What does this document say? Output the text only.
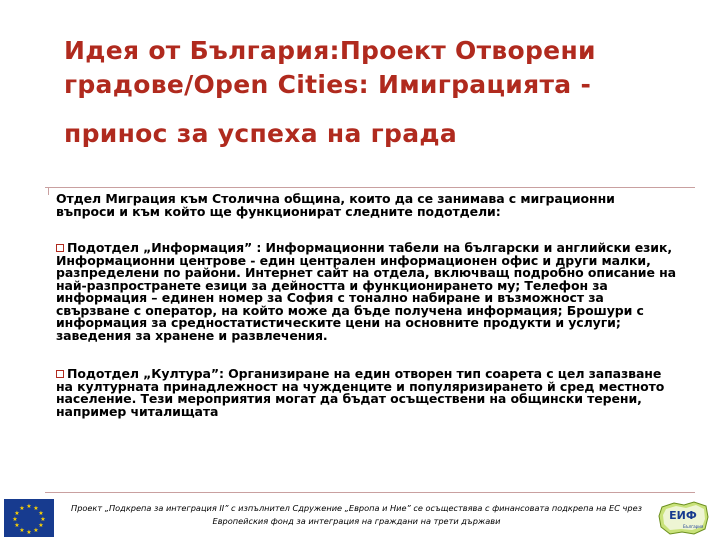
Идея от България:Проект Отворени
градове/Open Cities: Имиграцията -
принос за успеха на града

Отдел Миграция към Столична община, които да се занимава с миграционни въпроси и към който ще функционират следните подотдели:

Подотдел „Информация” : Информационни табели на български и английски език, Информационни центрове - един централен информационен офис и други малки, разпределени по райони. Интернет сайт на отдела, включващ подробно описание на най-разпространете езици за дейността и функционирането му; Телефон за информация – единен номер за София с тонално набиране и възможност за свързване с оператор, на който може да бъде получена информация; Брошури с информация за средностатистическите цени на основните продукти и услуги; заведения за хранене и развлечения.

Подотдел „Култура”: Организиране на един отворен тип соарета с цел запазване на културната принадлежност на чужденците и популяризирането й сред местното население. Тези мероприятия могат да бъдат осъществени на общински терени, например читалищата

★ ★
★
★
★
★
★
★
★
★
★
★	Проект „Подкрепа за интеграция II” с изпълнител Сдружение „Европа и Ние” се осъществява с финансовата подкрепа на ЕС чрез Европейския фонд за интеграция на граждани на трети държави	ЕИФ
България
